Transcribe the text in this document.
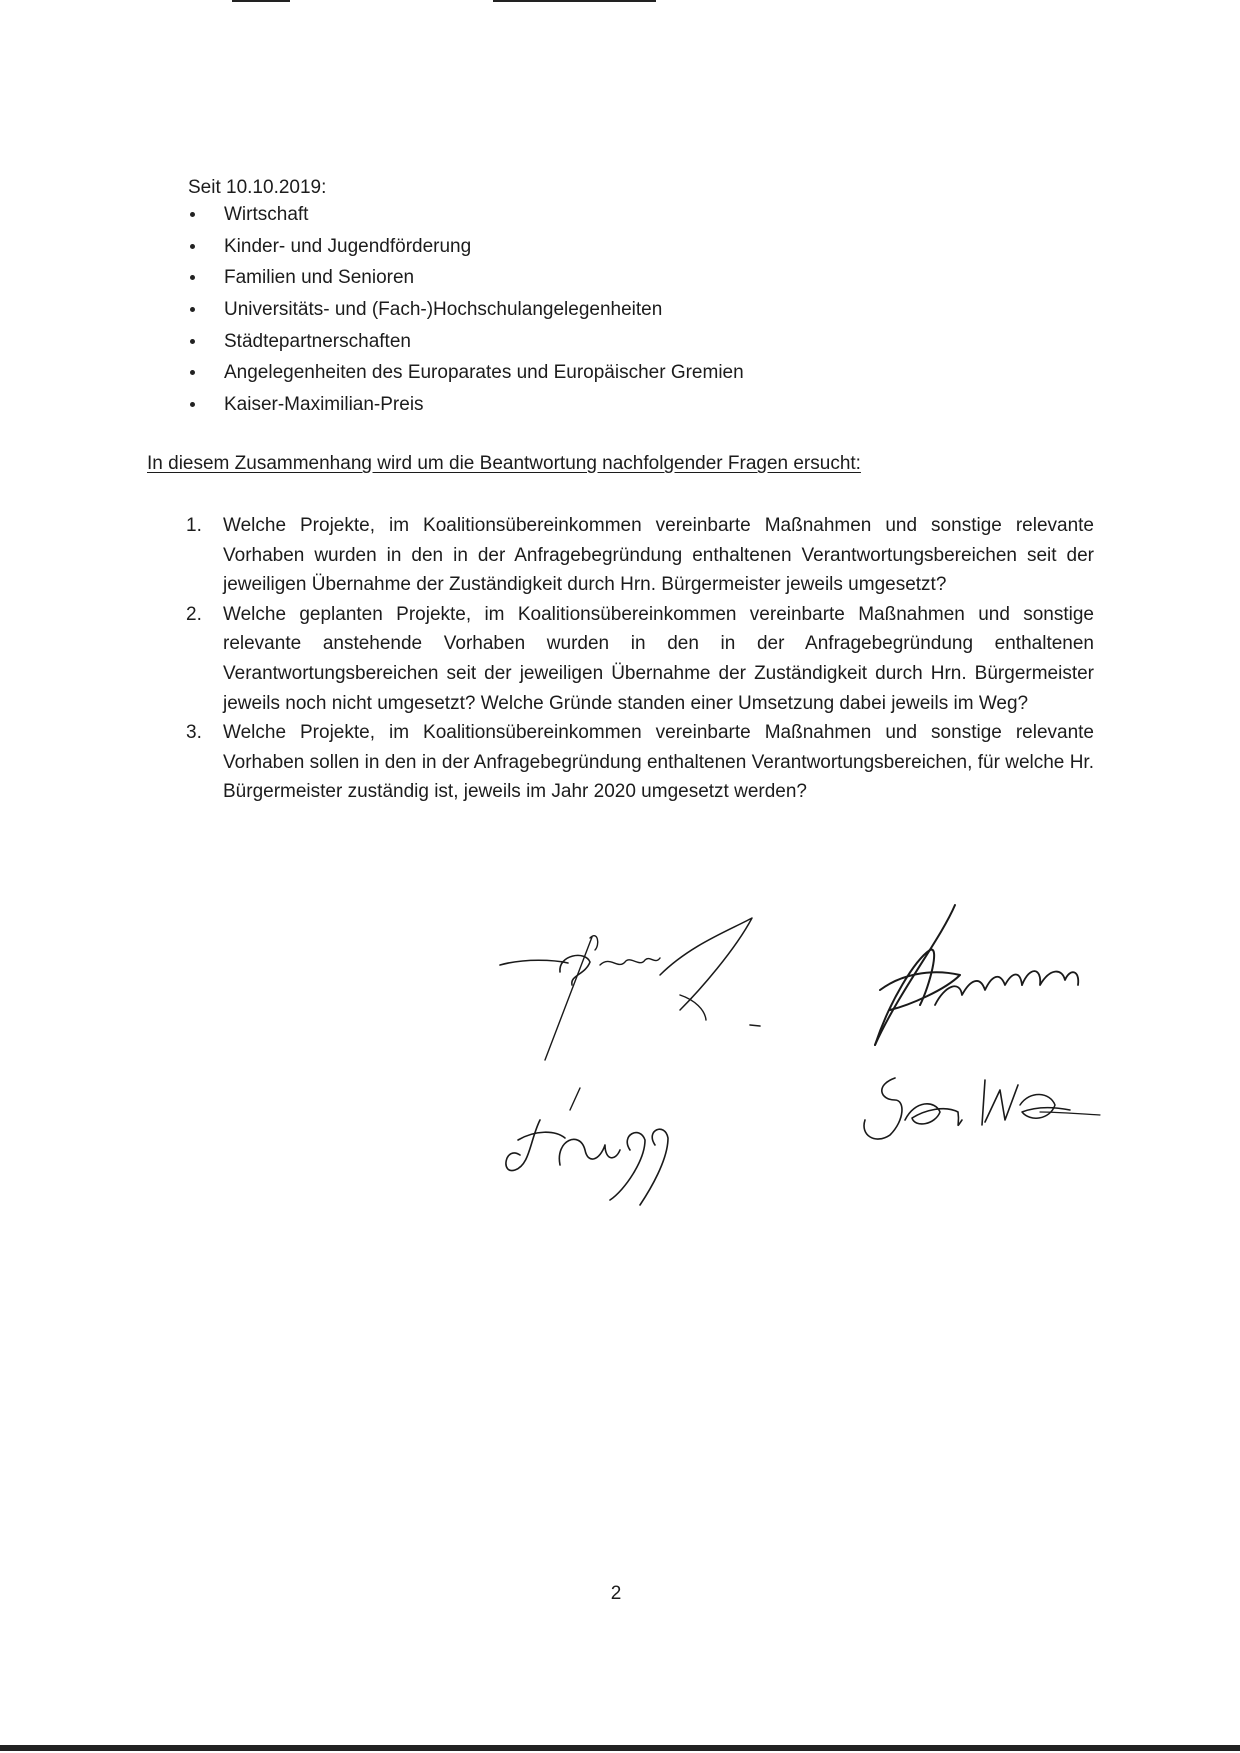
Seit 10.10.2019:
Wirtschaft
Kinder- und Jugendförderung
Familien und Senioren
Universitäts- und (Fach-)Hochschulangelegenheiten
Städtepartnerschaften
Angelegenheiten des Europarates und Europäischer Gremien
Kaiser-Maximilian-Preis
In diesem Zusammenhang wird um die Beantwortung nachfolgender Fragen ersucht:
1. Welche Projekte, im Koalitionsübereinkommen vereinbarte Maßnahmen und sonstige relevante Vorhaben wurden in den in der Anfragebegründung enthaltenen Verantwortungsbereichen seit der jeweiligen Übernahme der Zuständigkeit durch Hrn. Bürgermeister jeweils umgesetzt?
2. Welche geplanten Projekte, im Koalitionsübereinkommen vereinbarte Maßnahmen und sonstige relevante anstehende Vorhaben wurden in den in der Anfragebegründung enthaltenen Verantwortungsbereichen seit der jeweiligen Übernahme der Zuständigkeit durch Hrn. Bürgermeister jeweils noch nicht umgesetzt? Welche Gründe standen einer Umsetzung dabei jeweils im Weg?
3. Welche Projekte, im Koalitionsübereinkommen vereinbarte Maßnahmen und sonstige relevante Vorhaben sollen in den in der Anfragebegründung enthaltenen Verantwortungsbereichen, für welche Hr. Bürgermeister zuständig ist, jeweils im Jahr 2020 umgesetzt werden?
2
